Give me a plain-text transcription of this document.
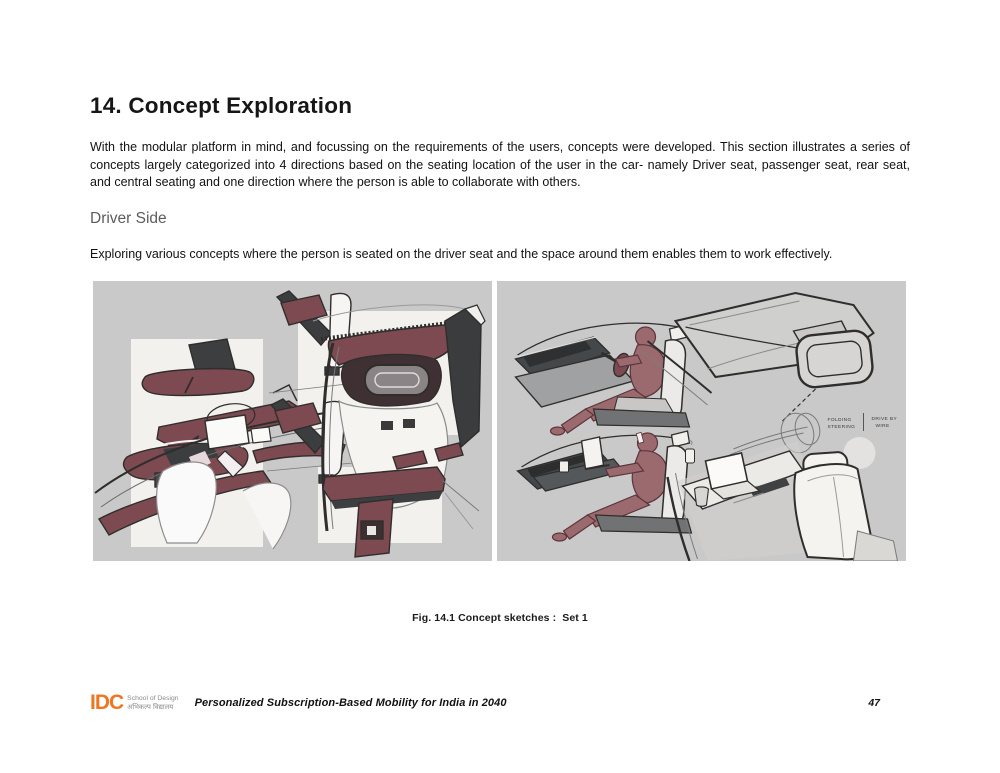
14. Concept Exploration

With the modular platform in mind, and focussing on the requirements of the users, concepts were developed. This section illustrates a series of concepts largely categorized into 4 directions based on the seating location of the user in the car- namely Driver seat, passenger seat, rear seat, and central seating and one direction where the person is able to collaborate with others.

Driver Side

Exploring various concepts where the person is seated on the driver seat and the space around them enables them to work effectively.

FOLDING
STEERING
DRIVE BY
WIRE
Fig. 14.1 Concept sketches :  Set 1
IDC School of Design
अभिकल्प विद्यालय	Personalized Subscription-Based Mobility for India in 2040	47
